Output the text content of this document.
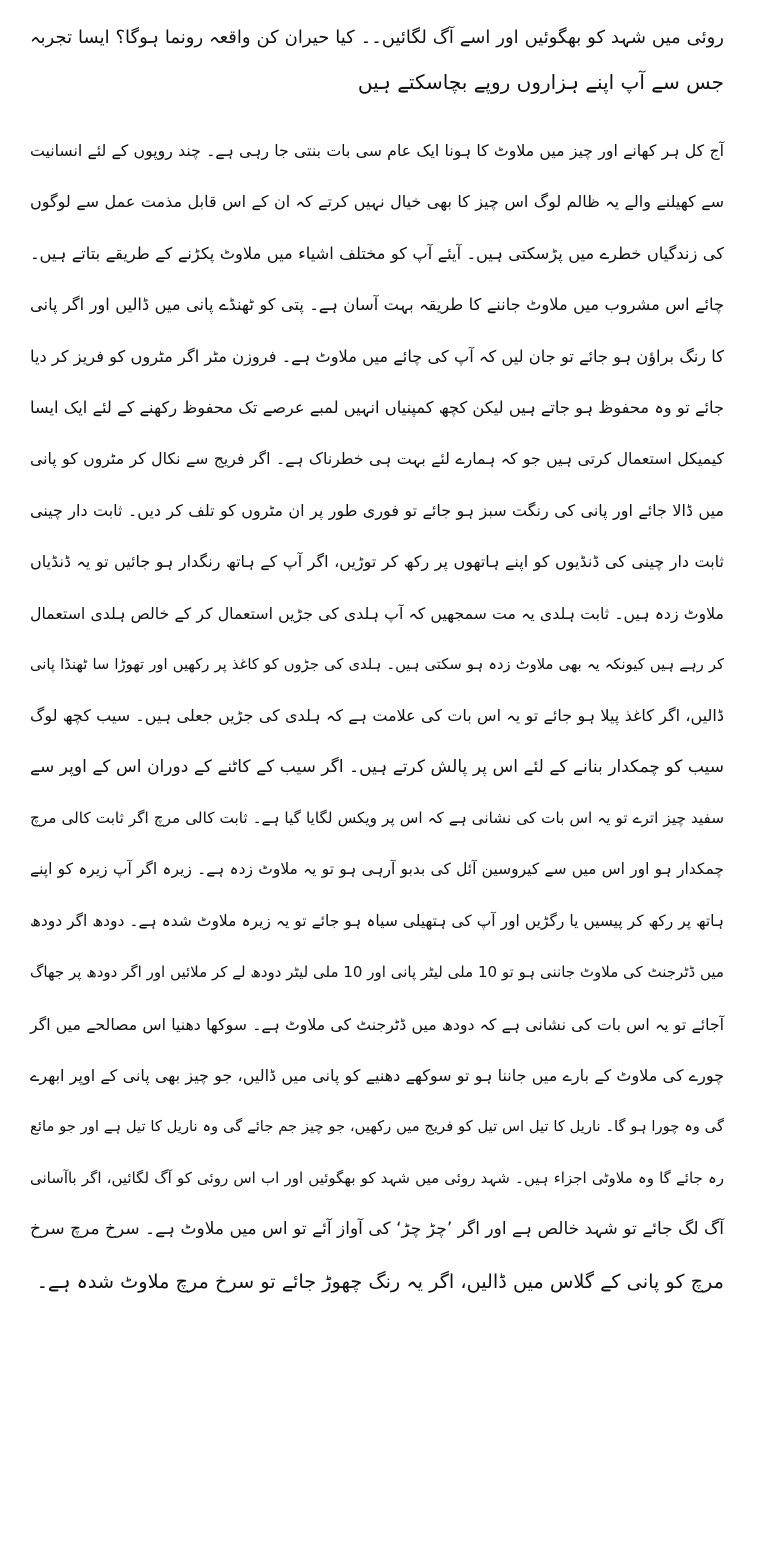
روئی میں شہد کو بھگوئیں اور اسے آگ لگائیں۔۔ کیا حیران کن واقعہ رونما ہوگا؟ ایسا تجربہ
جس سے آپ اپنے ہزاروں روپے بچاسکتے ہیں
آج کل ہر کھانے اور چیز میں ملاوٹ کا ہونا ایک عام سی بات بنتی جا رہی ہے۔ چند روپوں کے لئے انسانیت
سے کھیلنے والے یہ ظالم لوگ اس چیز کا بھی خیال نہیں کرتے کہ ان کے اس قابل مذمت عمل سے لوگوں
کی زندگیاں خطرے میں پڑسکتی ہیں۔ آیئے آپ کو مختلف اشیاء میں ملاوٹ پکڑنے کے طریقے بتاتے ہیں۔
چائے اس مشروب میں ملاوٹ جاننے کا طریقہ بہت آسان ہے۔ پتی کو ٹھنڈے پانی میں ڈالیں اور اگر پانی
کا رنگ براؤن ہو جائے تو جان لیں کہ آپ کی چائے میں ملاوٹ ہے۔ فروزن مٹر اگر مٹروں کو فریز کر دیا
جائے تو وہ محفوظ ہو جاتے ہیں لیکن کچھ کمپنیاں انہیں لمبے عرصے تک محفوظ رکھنے کے لئے ایک ایسا
کیمیکل استعمال کرتی ہیں جو کہ ہمارے لئے بہت ہی خطرناک ہے۔ اگر فریج سے نکال کر مٹروں کو پانی
میں ڈالا جائے اور پانی کی رنگت سبز ہو جائے تو فوری طور پر ان مٹروں کو تلف کر دیں۔ ثابت دار چینی
ثابت دار چینی کی ڈنڈیوں کو اپنے ہاتھوں پر رکھ کر توڑیں، اگر آپ کے ہاتھ رنگدار ہو جائیں تو یہ ڈنڈیاں
ملاوٹ زدہ ہیں۔ ثابت ہلدی یہ مت سمجھیں کہ آپ ہلدی کی جڑیں استعمال کر کے خالص ہلدی استعمال
کر رہے ہیں کیونکہ یہ بھی ملاوٹ زدہ ہو سکتی ہیں۔ ہلدی کی جڑوں کو کاغذ پر رکھیں اور تھوڑا سا ٹھنڈا پانی
ڈالیں، اگر کاغذ پیلا ہو جائے تو یہ اس بات کی علامت ہے کہ ہلدی کی جڑیں جعلی ہیں۔ سیب کچھ لوگ
سیب کو چمکدار بنانے کے لئے اس پر پالش کرتے ہیں۔ اگر سیب کے کاٹنے کے دوران اس کے اوپر سے
سفید چیز اترے تو یہ اس بات کی نشانی ہے کہ اس پر ویکس لگایا گیا ہے۔ ثابت کالی مرچ اگر ثابت کالی مرچ
چمکدار ہو اور اس میں سے کیروسین آئل کی بدبو آرہی ہو تو یہ ملاوٹ زدہ ہے۔ زیرہ اگر آپ زیرہ کو اپنے
ہاتھ پر رکھ کر پیسیں یا رگڑیں اور آپ کی ہتھیلی سیاہ ہو جائے تو یہ زیرہ ملاوٹ شدہ ہے۔ دودھ اگر دودھ
میں ڈٹرجنٹ کی ملاوٹ جاننی ہو تو 10 ملی لیٹر پانی اور 10 ملی لیٹر دودھ لے کر ملائیں اور اگر دودھ پر جھاگ
آجائے تو یہ اس بات کی نشانی ہے کہ دودھ میں ڈٹرجنٹ کی ملاوٹ ہے۔ سوکھا دھنیا اس مصالحے میں اگر
چورے کی ملاوٹ کے بارے میں جاننا ہو تو سوکھے دھنیے کو پانی میں ڈالیں، جو چیز بھی پانی کے اوپر ابھرے
گی وہ چورا ہو گا۔ ناریل کا تیل اس تیل کو فریج میں رکھیں، جو چیز جم جائے گی وہ ناریل کا تیل ہے اور جو مائع
رہ جائے گا وہ ملاوٹی اجزاء ہیں۔ شہد روئی میں شہد کو بھگوئیں اور اب اس روئی کو آگ لگائیں، اگر باآسانی
آگ لگ جائے تو شہد خالص ہے اور اگر ’چڑ چڑ‘ کی آواز آئے تو اس میں ملاوٹ ہے۔ سرخ مرچ سرخ
مرچ کو پانی کے گلاس میں ڈالیں، اگر یہ رنگ چھوڑ جائے تو سرخ مرچ ملاوٹ شدہ ہے۔
